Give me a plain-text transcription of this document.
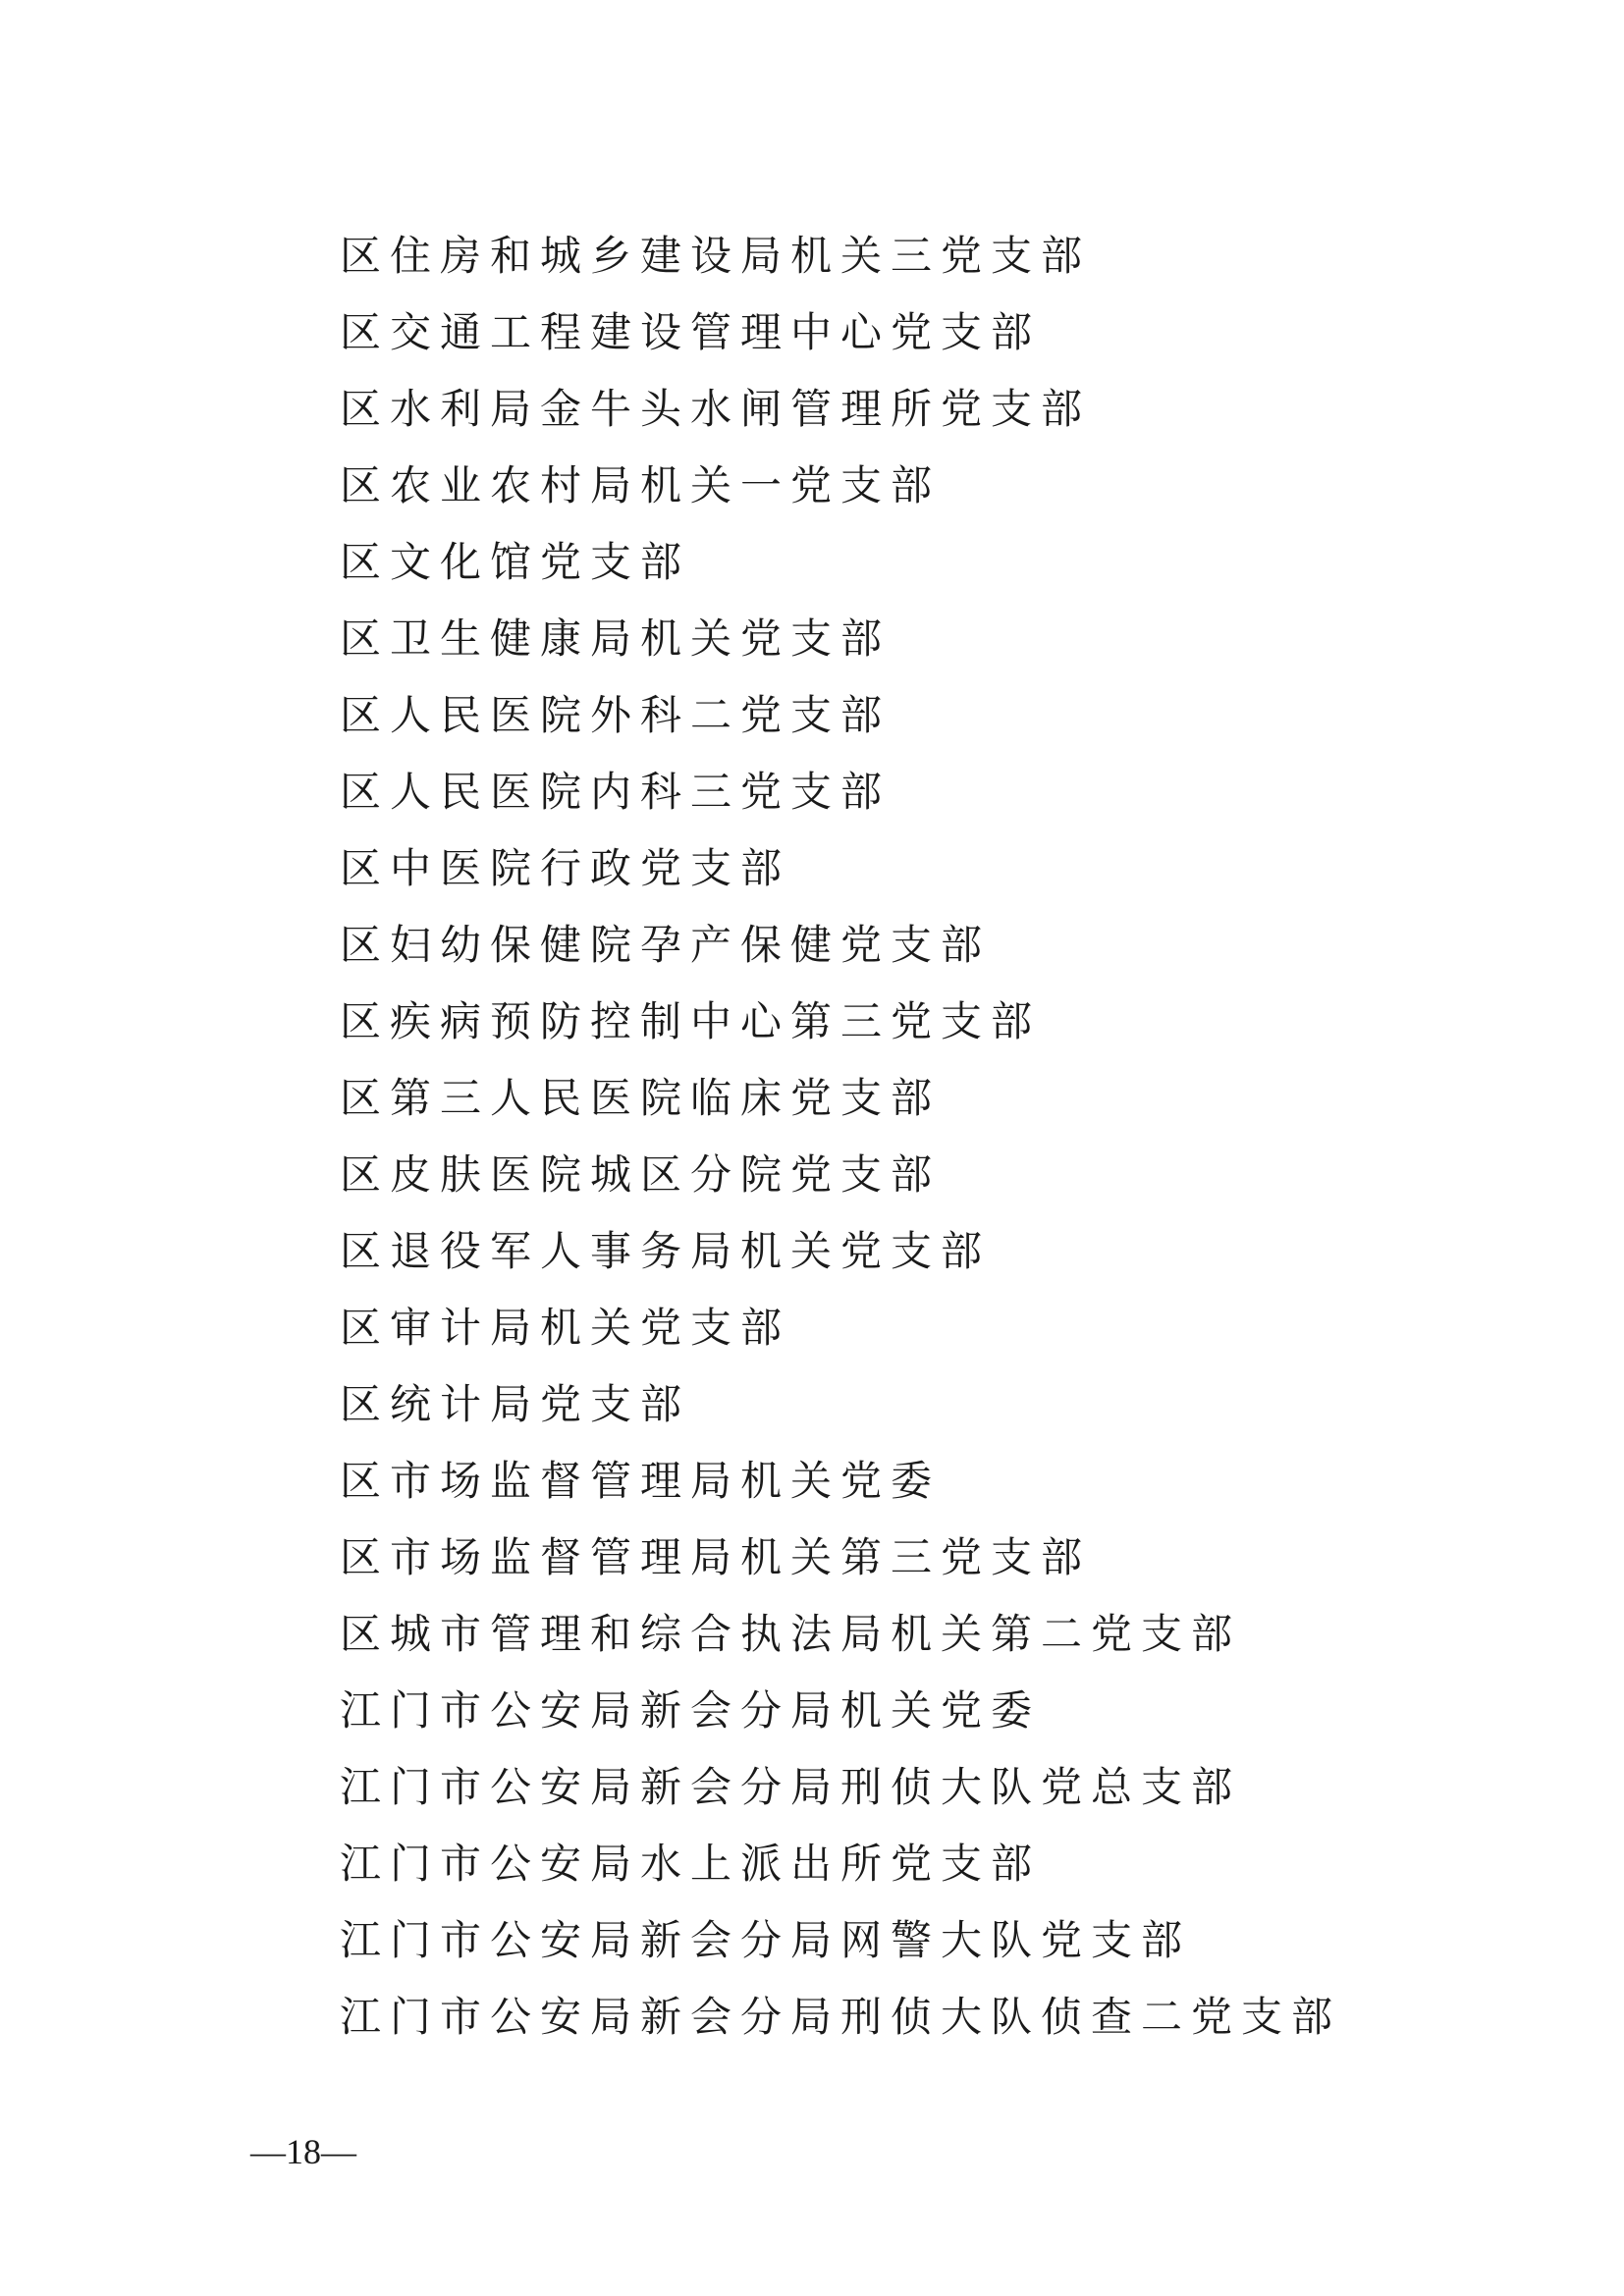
区住房和城乡建设局机关三党支部
区交通工程建设管理中心党支部
区水利局金牛头水闸管理所党支部
区农业农村局机关一党支部
区文化馆党支部
区卫生健康局机关党支部
区人民医院外科二党支部
区人民医院内科三党支部
区中医院行政党支部
区妇幼保健院孕产保健党支部
区疾病预防控制中心第三党支部
区第三人民医院临床党支部
区皮肤医院城区分院党支部
区退役军人事务局机关党支部
区审计局机关党支部
区统计局党支部
区市场监督管理局机关党委
区市场监督管理局机关第三党支部
区城市管理和综合执法局机关第二党支部
江门市公安局新会分局机关党委
江门市公安局新会分局刑侦大队党总支部
江门市公安局水上派出所党支部
江门市公安局新会分局网警大队党支部
江门市公安局新会分局刑侦大队侦查二党支部
—18—
